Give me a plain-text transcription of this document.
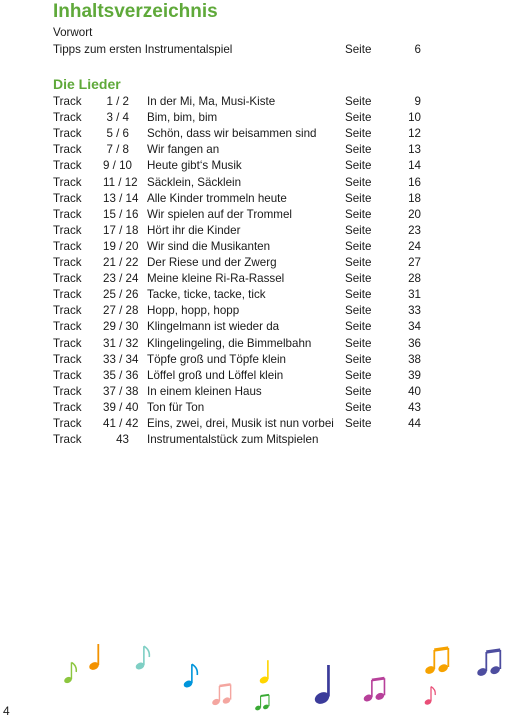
Inhaltsverzeichnis
Vorwort
Tipps zum ersten Instrumentalspiel	Seite	6
Die Lieder
Track 1 / 2 In der Mi, Ma, Musi-Kiste	Seite	9
Track 3 / 4 Bim, bim, bim	Seite	10
Track 5 / 6 Schön, dass wir beisammen sind Seite	12
Track 7 / 8 Wir fangen an	Seite	13
Track 9 / 10 Heute gibt‘s Musik	Seite	14
Track 11 / 12 Säcklein, Säcklein	Seite	16
Track 13 / 14 Alle Kinder trommeln heute	Seite	18
Track 15 / 16 Wir spielen auf der Trommel	Seite	20
Track 17 / 18 Hört ihr die Kinder	Seite	23
Track 19 / 20 Wir sind die Musikanten	Seite	24
Track 21 / 22 Der Riese und der Zwerg	Seite	27
Track 23 / 24 Meine kleine Ri-Ra-Rassel	Seite	28
Track 25 / 26 Tacke, ticke, tacke, tick	Seite	31
Track 27 / 28 Hopp, hopp, hopp	Seite	33
Track 29 / 30 Klingelmann ist wieder da	Seite	34
Track 31 / 32 Klingelingeling, die Bimmelbahn	Seite	36
Track 33 / 34 Töpfe groß und Töpfe klein	Seite	38
Track 35 / 36 Löffel groß und Löffel klein	Seite	39
Track 37 / 38 In einem kleinen Haus	Seite	40
Track 39 / 40 Ton für Ton	Seite	43
Track 41 / 42 Eins, zwei, drei, Musik ist nun vorbei Seite	44
Track	43 Instrumentalstück zum Mitspielen
4
